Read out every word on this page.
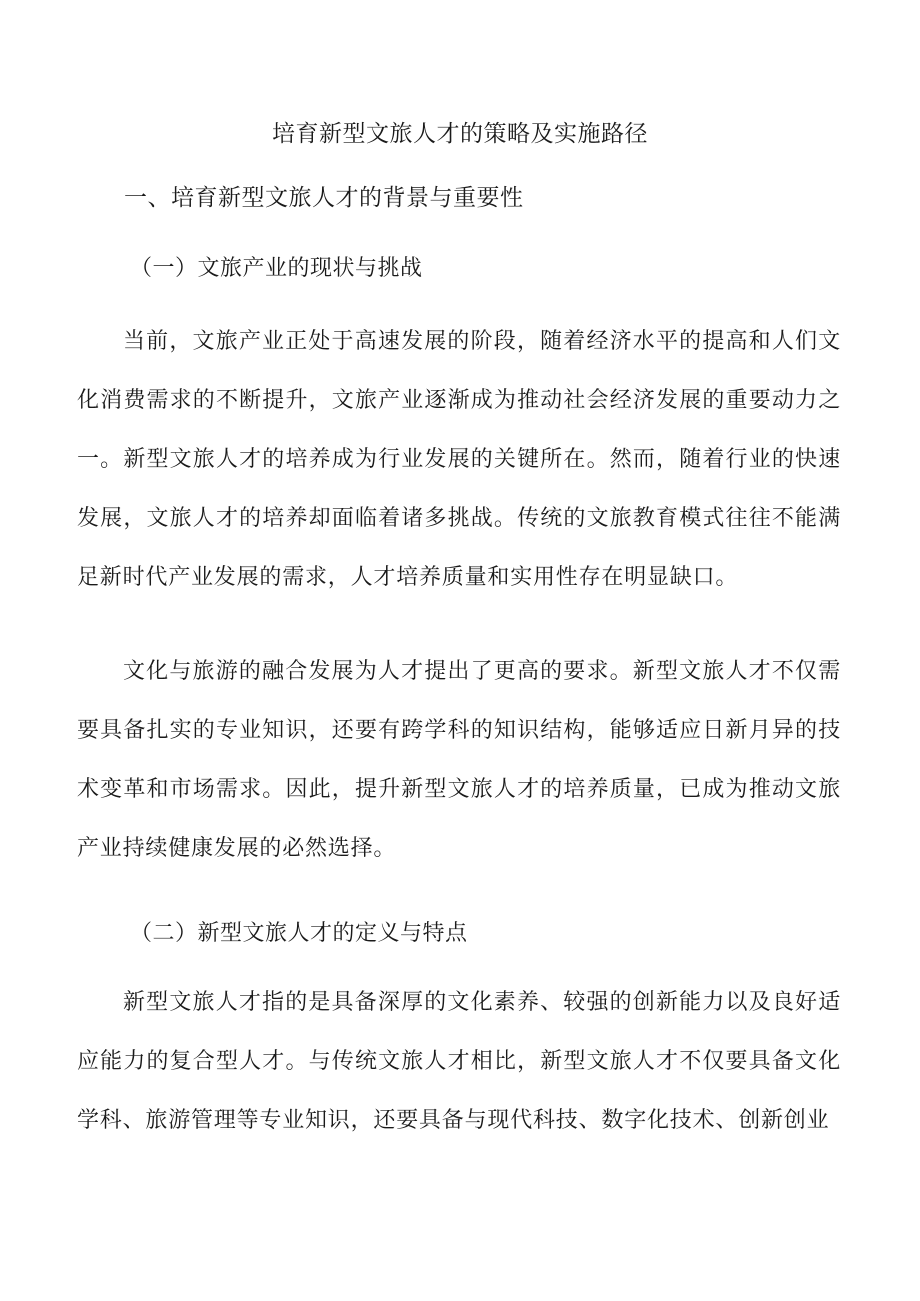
培育新型文旅人才的策略及实施路径
一、培育新型文旅人才的背景与重要性
（一）文旅产业的现状与挑战

当前，文旅产业正处于高速发展的阶段，随着经济水平的提高和人们文化消费需求的不断提升，文旅产业逐渐成为推动社会经济发展的重要动力之一。新型文旅人才的培养成为行业发展的关键所在。然而，随着行业的快速发展，文旅人才的培养却面临着诸多挑战。传统的文旅教育模式往往不能满足新时代产业发展的需求，人才培养质量和实用性存在明显缺口。

文化与旅游的融合发展为人才提出了更高的要求。新型文旅人才不仅需要具备扎实的专业知识，还要有跨学科的知识结构，能够适应日新月异的技术变革和市场需求。因此，提升新型文旅人才的培养质量，已成为推动文旅产业持续健康发展的必然选择。

（二）新型文旅人才的定义与特点

新型文旅人才指的是具备深厚的文化素养、较强的创新能力以及良好适应能力的复合型人才。与传统文旅人才相比，新型文旅人才不仅要具备文化学科、旅游管理等专业知识，还要具备与现代科技、数字化技术、创新创业
